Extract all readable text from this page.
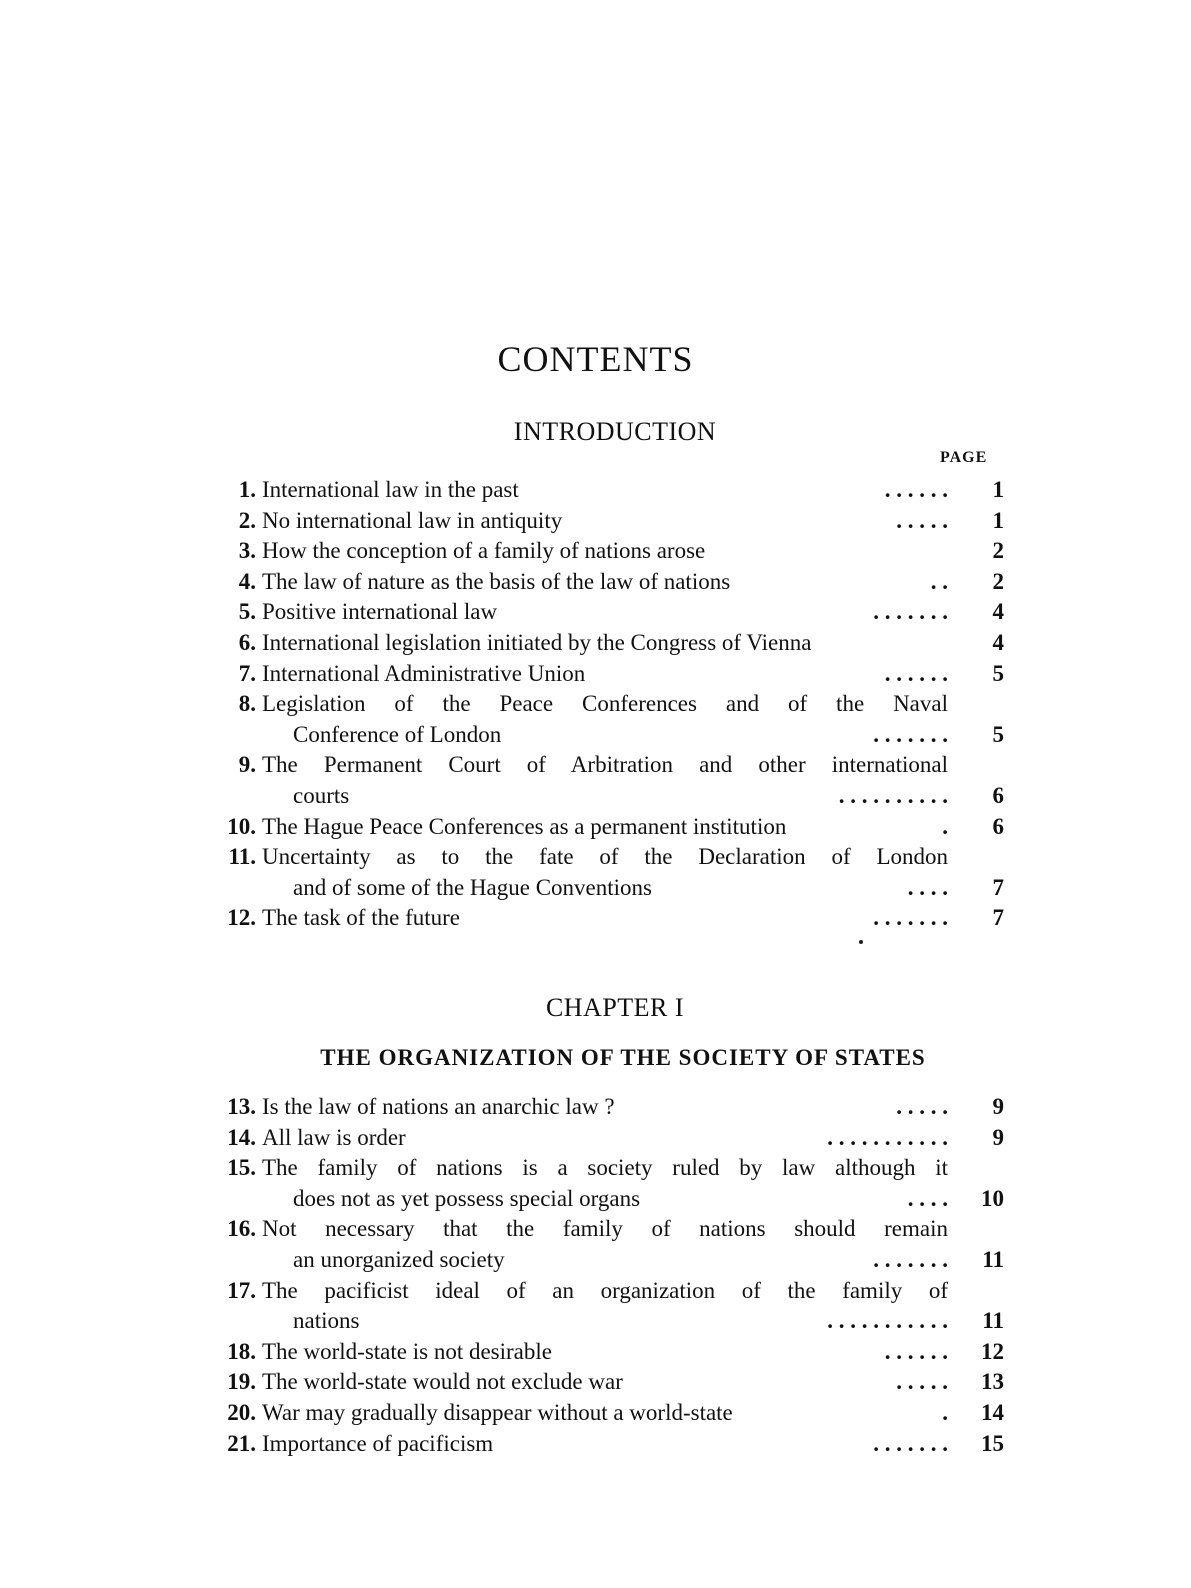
CONTENTS
INTRODUCTION
PAGE
1. International law in the past	. . . . . .	1
2. No international law in antiquity	. . . . .	1
3. How the conception of a family of nations arose	2
4. The law of nature as the basis of the law of nations	. .	2
5. Positive international law	. . . . . . .	4
6. International legislation initiated by the Congress of Vienna	4
7. International Administrative Union	. . . . . .	5
8. Legislation of the Peace Conferences and of the Naval
Conference of London	. . . . . . .	5
9. The Permanent Court of Arbitration and other international
courts	. . . . . . . . . .	6
10. The Hague Peace Conferences as a permanent institution	.	6
11. Uncertainty as to the fate of the Declaration of London
and of some of the Hague Conventions	. . . .	7
12. The task of the future	. . . . . . .	7
CHAPTER I
THE ORGANIZATION OF THE SOCIETY OF STATES
13. Is the law of nations an anarchic law ?	. . . . .	9
14. All law is order	. . . . . . . . . . .	9
15. The family of nations is a society ruled by law although it
does not as yet possess special organs	. . . .	10
16. Not necessary that the family of nations should remain
an unorganized society	. . . . . . .	11
17. The pacificist ideal of an organization of the family of
nations	. . . . . . . . . . .	11
18. The world-state is not desirable	. . . . . .	12
19. The world-state would not exclude war	. . . . .	13
20. War may gradually disappear without a world-state	.	14
21. Importance of pacificism	. . . . . . .	15
